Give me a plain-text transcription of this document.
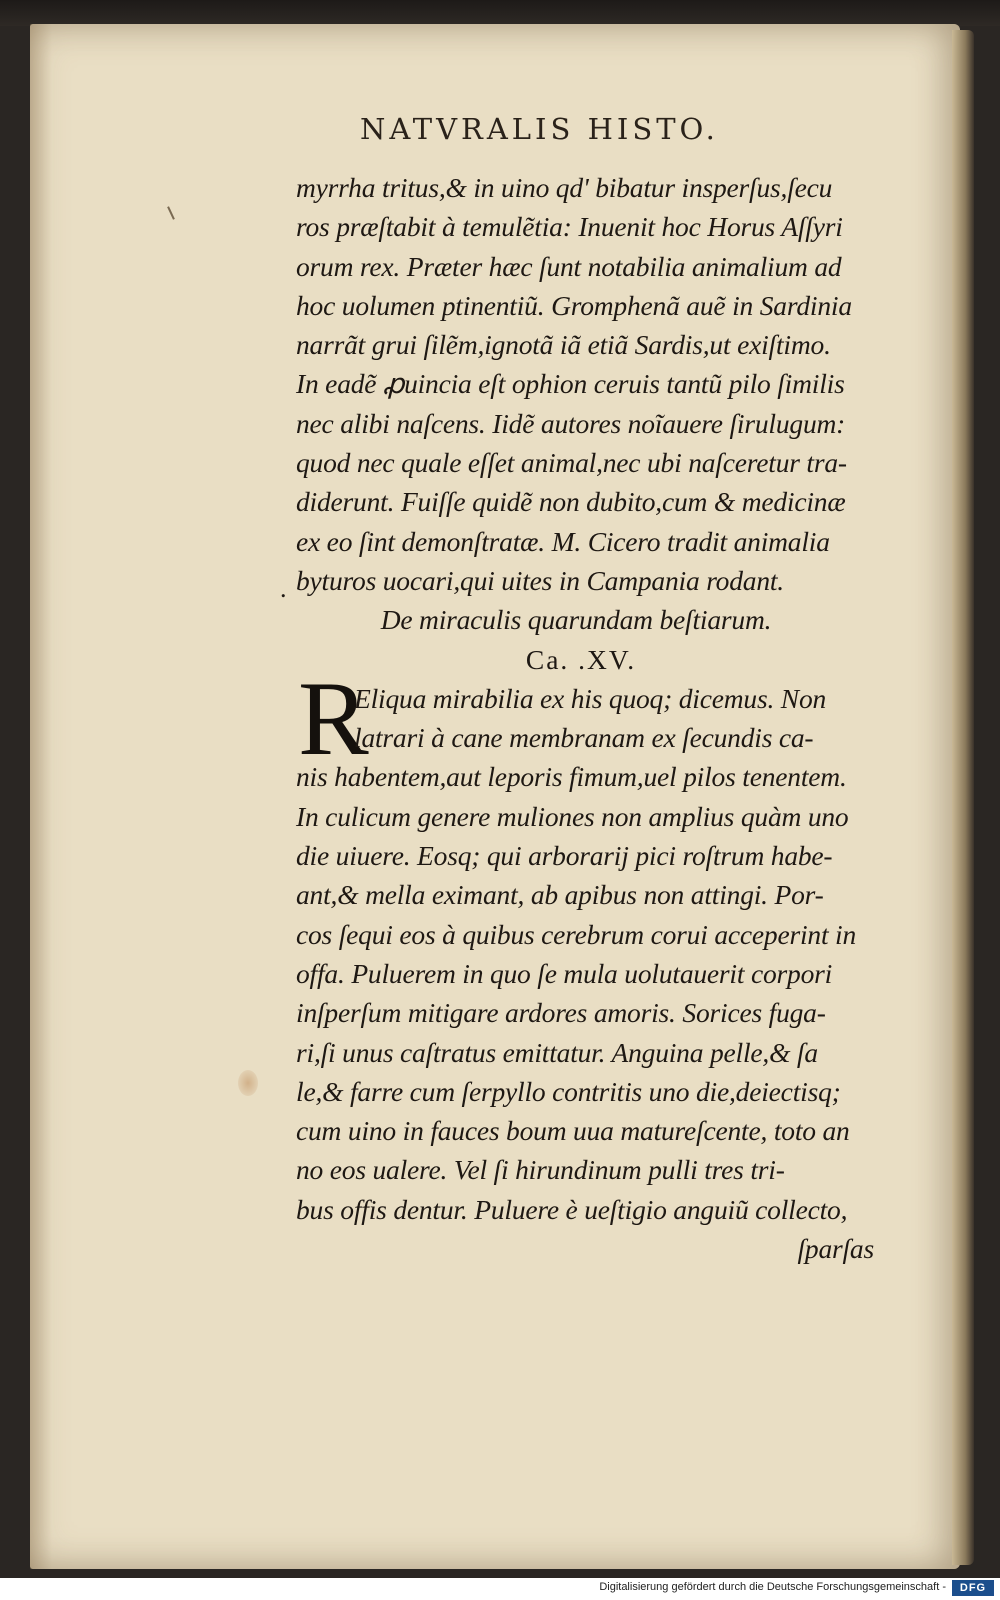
NATVRALIS HISTO.
.
R
myrrha tritus,& in uino qd' bibatur insperſus,ſecu
ros præſtabit à temulẽtia: Inuenit hoc Horus Aſſyri
orum rex. Præter hæc ſunt notabilia animalium ad
hoc uolumen ptinentiũ. Gromphenã auẽ in Sardinia
narrãt grui ſilẽm,ignotã iã etiã Sardis,ut exiſtimo.
In eadẽ ꝓuincia eſt ophion ceruis tantũ pilo ſimilis
nec alibi naſcens. Iidẽ autores noĩauere ſirulugum:
quod nec quale eſſet animal,nec ubi naſceretur tra-
diderunt. Fuiſſe quidẽ non dubito,cum & medicinæ
ex eo ſint demonſtratæ. M. Cicero tradit animalia
byturos uocari,qui uites in Campania rodant.
De miraculis quarundam beſtiarum.
Ca. .XV.
Eliqua mirabilia ex his quoq; dicemus. Non
latrari à cane membranam ex ſecundis ca-
nis habentem,aut leporis fimum,uel pilos tenentem.
In culicum genere muliones non amplius quàm uno
die uiuere. Eosq; qui arborarij pici roſtrum habe-
ant,& mella eximant, ab apibus non attingi. Por-
cos ſequi eos à quibus cerebrum corui acceperint in
offa. Puluerem in quo ſe mula uolutauerit corpori
inſperſum mitigare ardores amoris. Sorices fuga-
ri,ſi unus caſtratus emittatur. Anguina pelle,& ſa
le,& farre cum ſerpyllo contritis uno die,deiectisq;
cum uino in fauces boum uua matureſcente, toto an
no eos ualere. Vel ſi hirundinum pulli tres tri-
bus offis dentur. Puluere è ueſtigio anguiũ collecto,
ſparſas
Digitalisierung gefördert durch die Deutsche Forschungsgemeinschaft -	DFG
